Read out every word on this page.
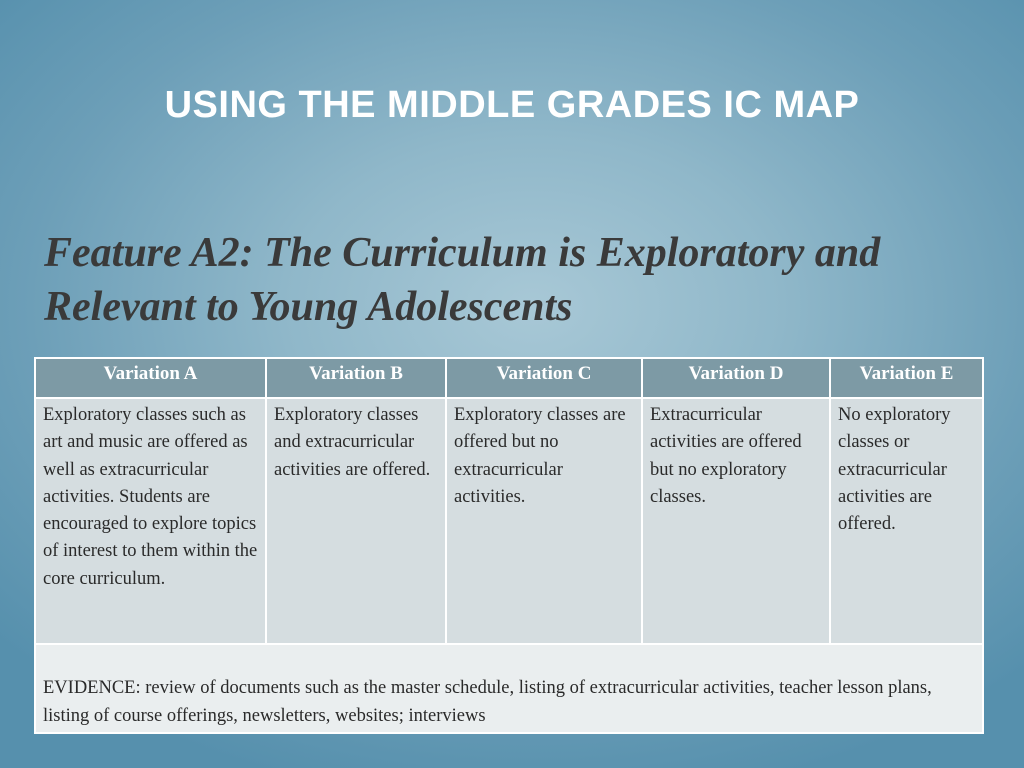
USING THE MIDDLE GRADES IC MAP
Feature A2: The Curriculum is Exploratory and Relevant to Young Adolescents
Variation A	Variation B	Variation C	Variation D	Variation E
Exploratory classes such as art and music are offered as well as extracurricular activities. Students are encouraged to explore topics of interest to them within the core curriculum.	Exploratory classes and extracurricular activities are offered.	Exploratory classes are offered but no extracurricular activities.	Extracurricular activities are offered but no exploratory classes.	No exploratory classes or extracurricular activities are offered.
EVIDENCE: review of documents such as the master schedule, listing of extracurricular activities, teacher lesson plans, listing of course offerings, newsletters, websites; interviews				
